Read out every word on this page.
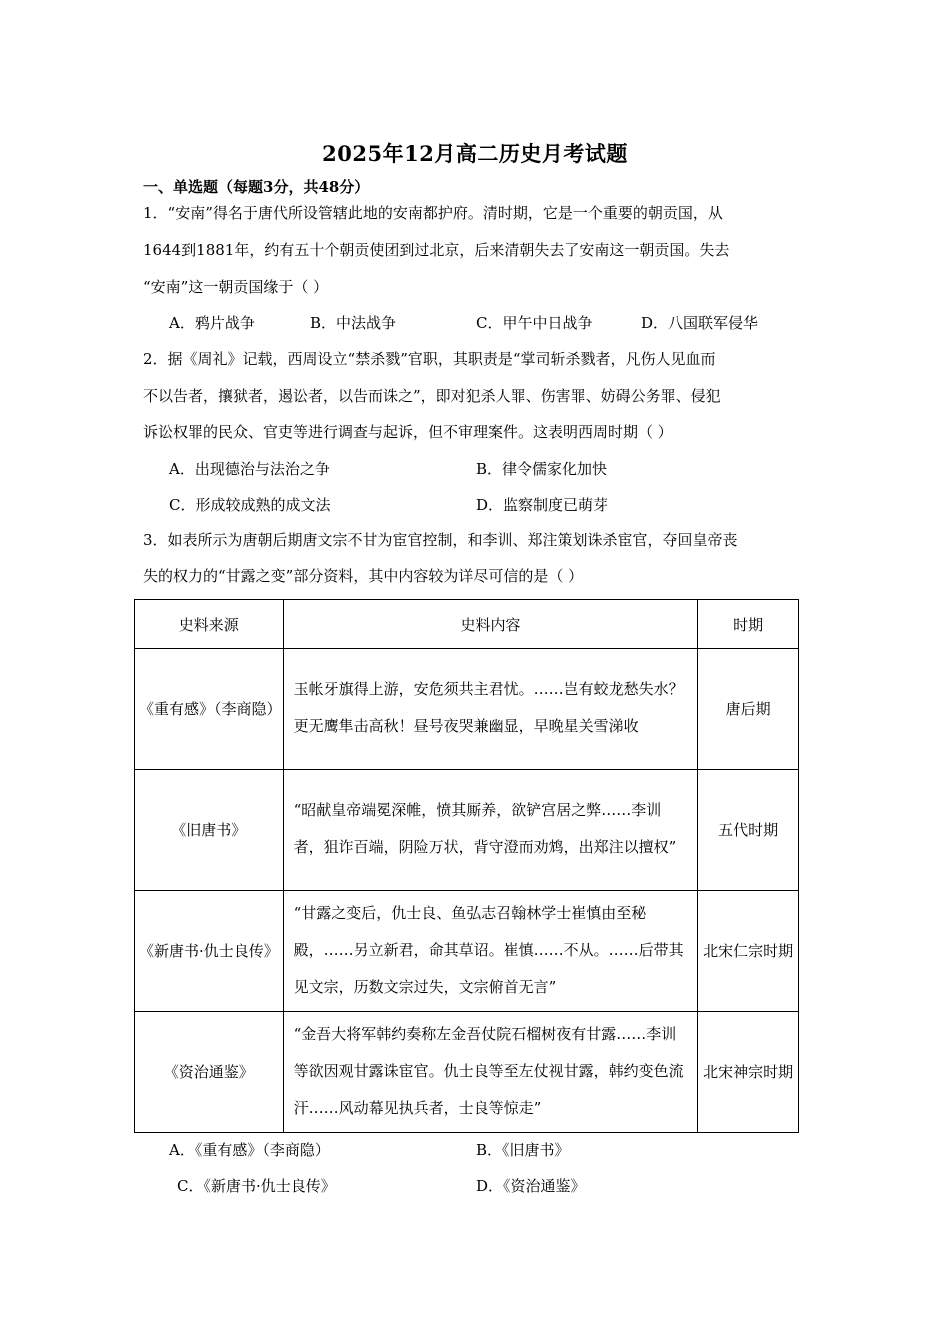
2025年12月高二历史月考试题
一、单选题（每题3分，共48分）
1．“安南”得名于唐代所设管辖此地的安南都护府。清时期，它是一个重要的朝贡国，从
1644到1881年，约有五十个朝贡使团到过北京，后来清朝失去了安南这一朝贡国。失去
“安南”这一朝贡国缘于（ ）
A．鸦片战争	B．中法战争	C．甲午中日战争	D．八国联军侵华
2．据《周礼》记载，西周设立“禁杀戮”官职，其职责是“掌司斩杀戮者，凡伤人见血而
不以告者，攘狱者，遏讼者，以告而诛之”，即对犯杀人罪、伤害罪、妨碍公务罪、侵犯
诉讼权罪的民众、官吏等进行调查与起诉，但不审理案件。这表明西周时期（ ）
A．出现德治与法治之争	B．律令儒家化加快
C．形成较成熟的成文法	D．监察制度已萌芽
3．如表所示为唐朝后期唐文宗不甘为宦官控制，和李训、郑注策划诛杀宦官，夺回皇帝丧
失的权力的“甘露之变”部分资料，其中内容较为详尽可信的是（ ）
史料来源	史料内容	时期
《重有感》（李商隐）	玉帐牙旗得上游，安危须共主君忧。……岂有蛟龙愁失水？更无鹰隼击高秋！昼号夜哭兼幽显，早晚星关雪涕收	唐后期
《旧唐书》	“昭献皇帝端冕深帷，愤其厮养，欲铲宫居之弊……李训者，狙诈百端，阴险万状，背守澄而劝鸩，出郑注以擅权”	五代时期
《新唐书·仇士良传》	“甘露之变后，仇士良、鱼弘志召翰林学士崔慎由至秘殿，……另立新君，命其草诏。崔慎……不从。……后带其见文宗，历数文宗过失，文宗俯首无言”	北宋仁宗时期
《资治通鉴》	“金吾大将军韩约奏称左金吾仗院石榴树夜有甘露……李训等欲因观甘露诛宦官。仇士良等至左仗视甘露，韩约变色流汗……风动幕见执兵者，士良等惊走”	北宋神宗时期
A．《重有感》（李商隐）	B．《旧唐书》
C．《新唐书·仇士良传》	D．《资治通鉴》
